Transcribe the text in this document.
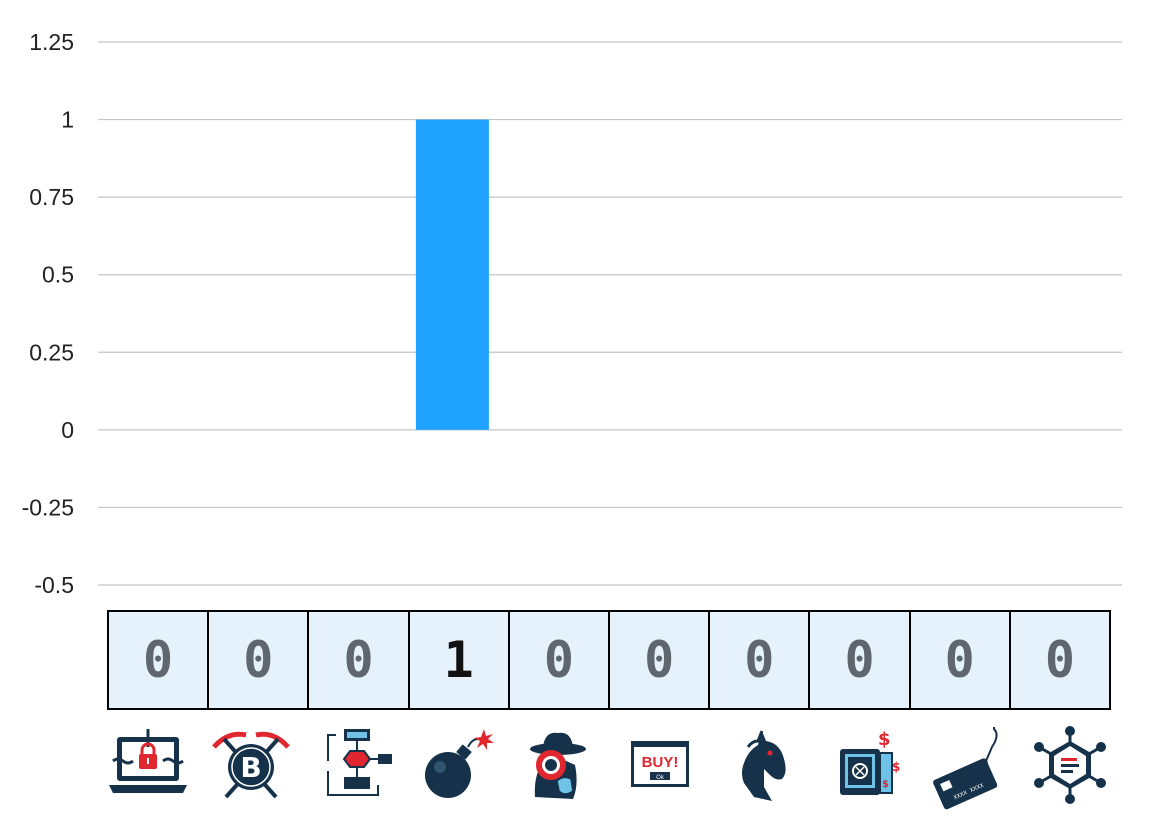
1.25
1
0.75
0.5
0.25
0
-0.25
-0.5
0	0	0	1	0	0	0	0	0	0
B	BUY!
Ok
$
$
$	XXXX XXXX
